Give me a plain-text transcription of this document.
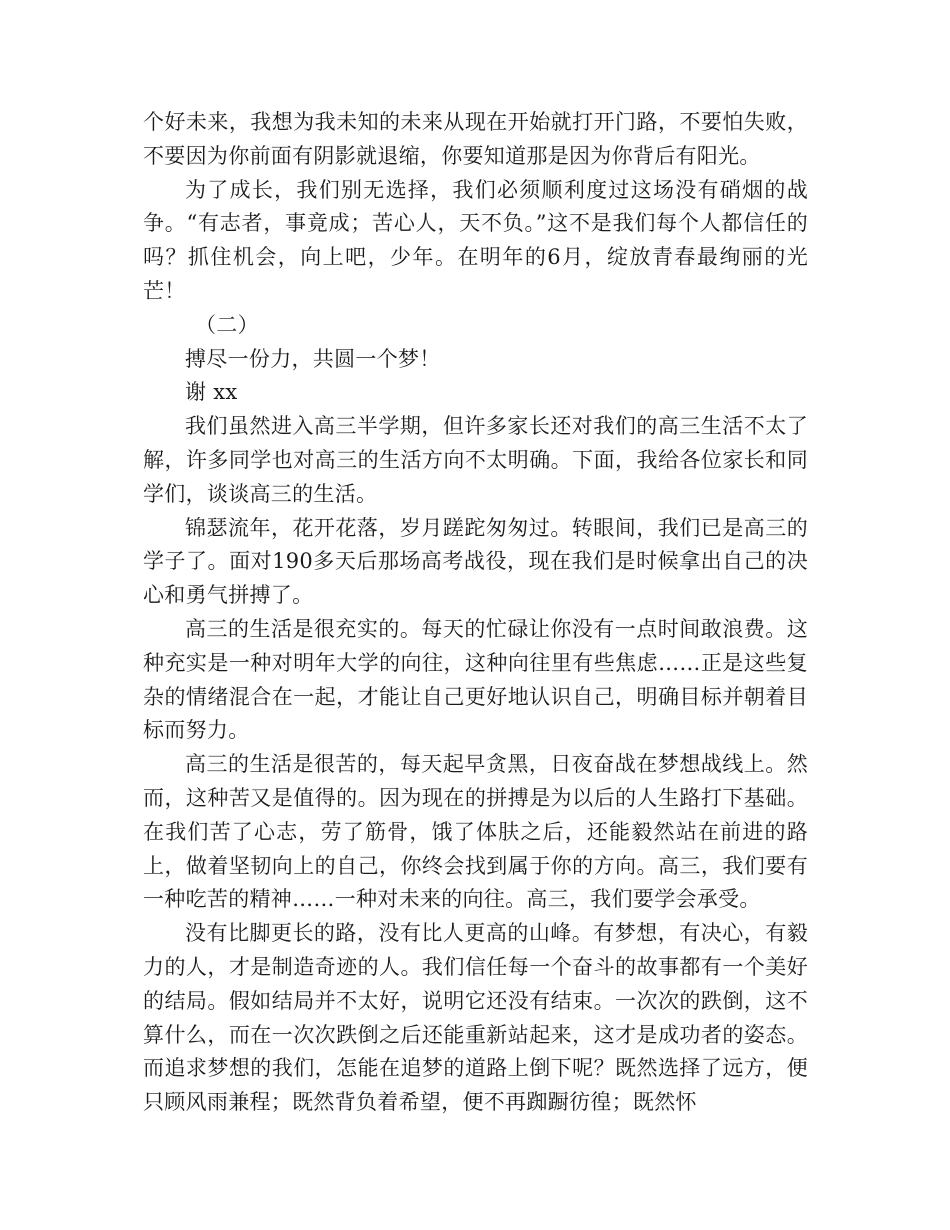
个好未来，我想为我未知的未来从现在开始就打开门路，不要怕失败，不要因为你前面有阴影就退缩，你要知道那是因为你背后有阳光。

为了成长，我们别无选择，我们必须顺利度过这场没有硝烟的战争。“有志者，事竟成；苦心人，天不负。”这不是我们每个人都信任的吗？抓住机会，向上吧，少年。在明年的6月，绽放青春最绚丽的光芒！

（二）

搏尽一份力，共圆一个梦！

谢 xx

我们虽然进入高三半学期，但许多家长还对我们的高三生活不太了解，许多同学也对高三的生活方向不太明确。下面，我给各位家长和同学们，谈谈高三的生活。

锦瑟流年，花开花落，岁月蹉跎匆匆过。转眼间，我们已是高三的学子了。面对190多天后那场高考战役，现在我们是时候拿出自己的决心和勇气拼搏了。

高三的生活是很充实的。每天的忙碌让你没有一点时间敢浪费。这种充实是一种对明年大学的向往，这种向往里有些焦虑……正是这些复杂的情绪混合在一起，才能让自己更好地认识自己，明确目标并朝着目标而努力。

高三的生活是很苦的，每天起早贪黑，日夜奋战在梦想战线上。然而，这种苦又是值得的。因为现在的拼搏是为以后的人生路打下基础。在我们苦了心志，劳了筋骨，饿了体肤之后，还能毅然站在前进的路上，做着坚韧向上的自己，你终会找到属于你的方向。高三，我们要有一种吃苦的精神……一种对未来的向往。高三，我们要学会承受。

没有比脚更长的路，没有比人更高的山峰。有梦想，有决心，有毅力的人，才是制造奇迹的人。我们信任每一个奋斗的故事都有一个美好的结局。假如结局并不太好，说明它还没有结束。一次次的跌倒，这不算什么，而在一次次跌倒之后还能重新站起来，这才是成功者的姿态。而追求梦想的我们，怎能在追梦的道路上倒下呢？既然选择了远方，便只顾风雨兼程；既然背负着希望，便不再踟蹰彷徨；既然怀
